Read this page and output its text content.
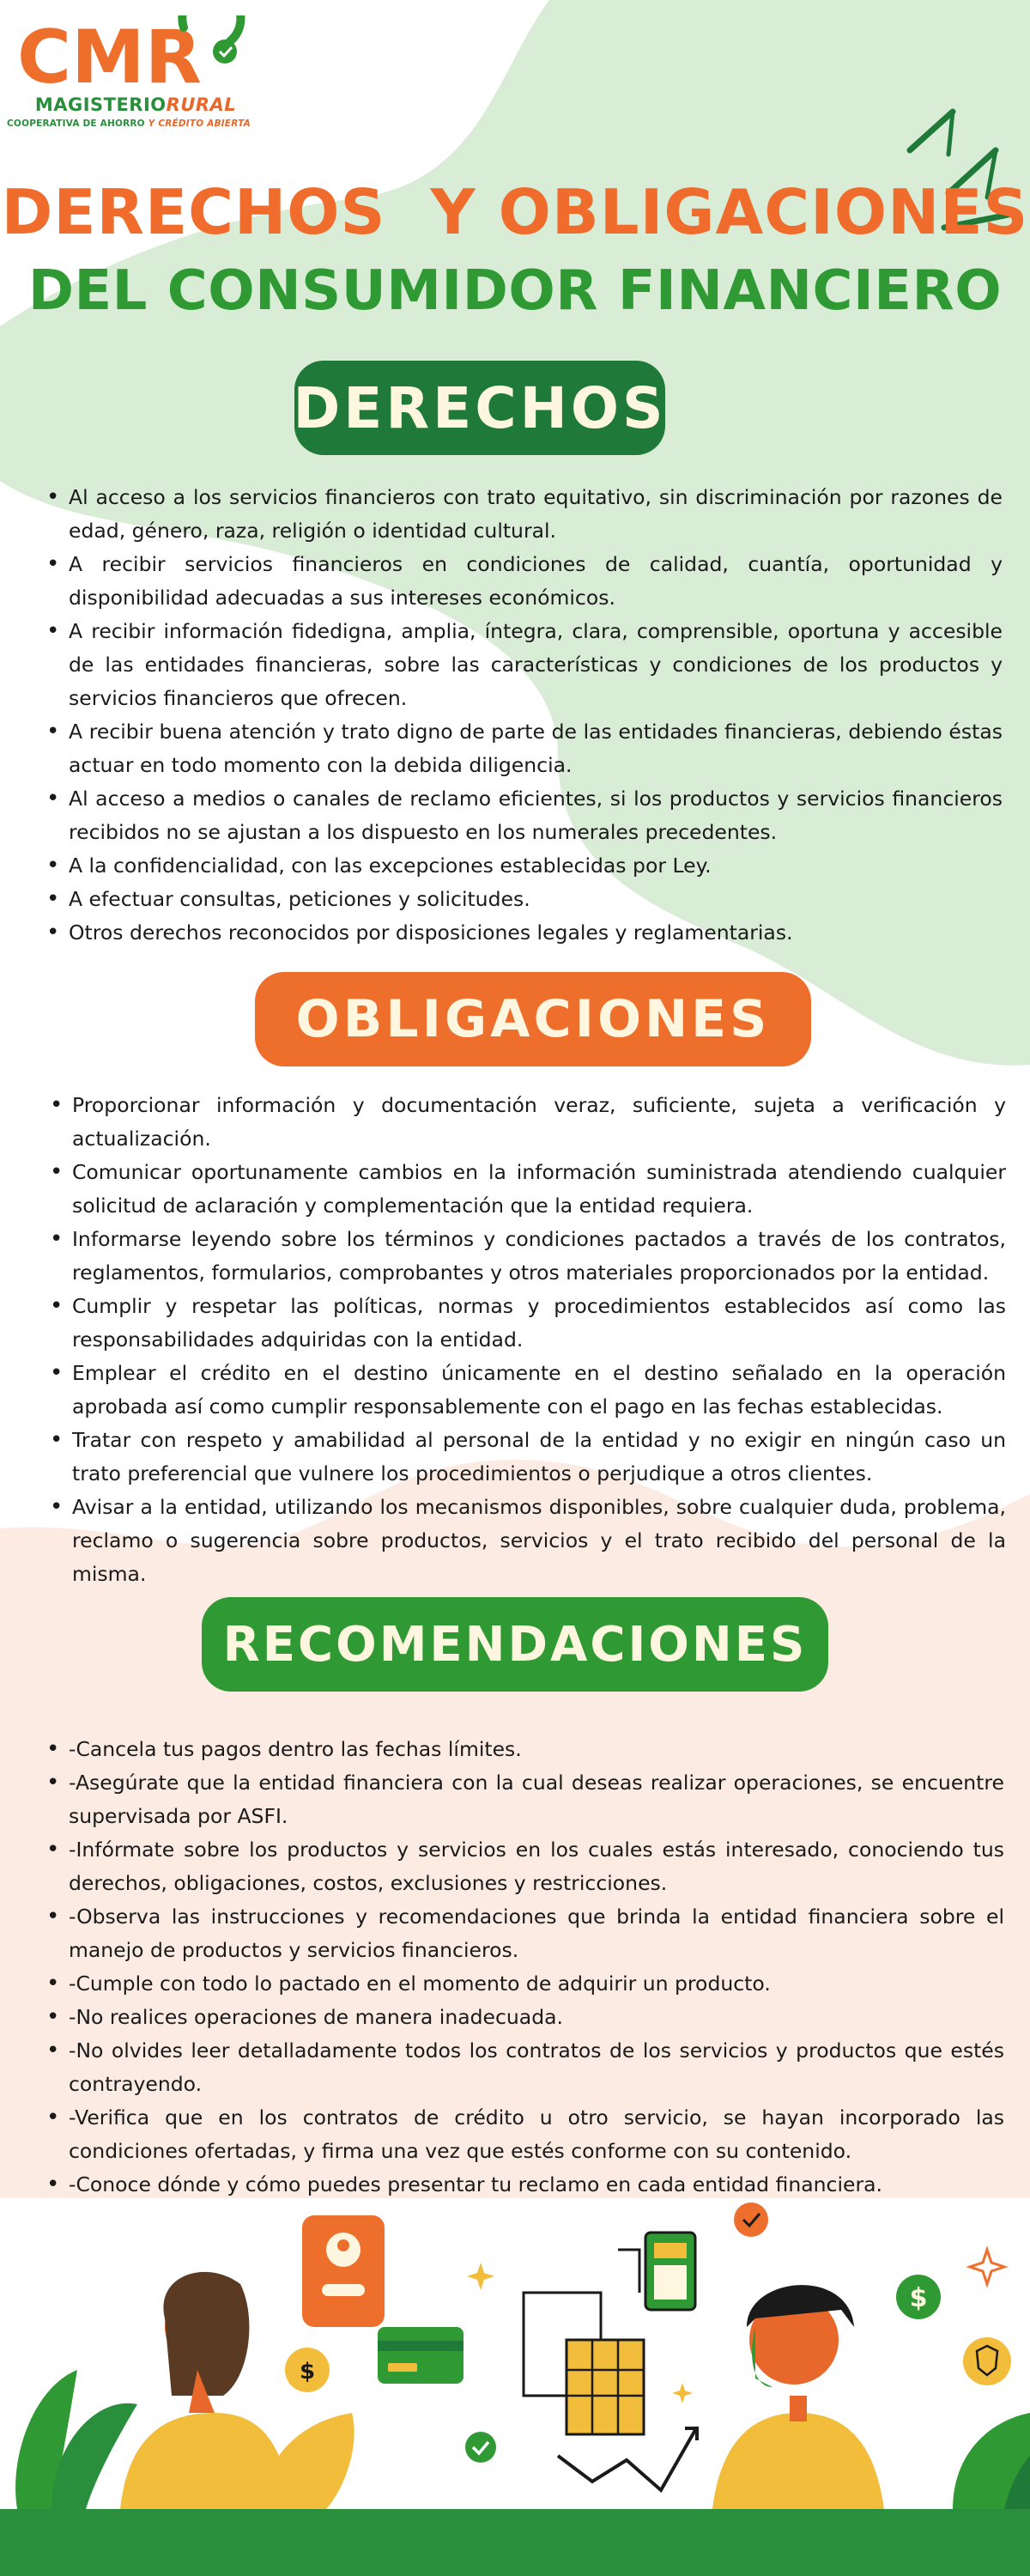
CMR
MAGISTERIORURAL
COOPERATIVA DE AHORRO Y CRÉDITO ABIERTA
DERECHOS  Y OBLIGACIONES
DEL CONSUMIDOR FINANCIERO
DERECHOS
• Al acceso a los servicios financieros con trato equitativo, sin discriminación por razones de edad, género, raza, religión o identidad cultural.
• A recibir servicios financieros en condiciones de calidad, cuantía, oportunidad y disponibilidad adecuadas a sus intereses económicos.
• A recibir información fidedigna, amplia, íntegra, clara, comprensible, oportuna y accesible de las entidades financieras, sobre las características y condiciones de los productos y servicios financieros que ofrecen.
• A recibir buena atención y trato digno de parte de las entidades financieras, debiendo éstas actuar en todo momento con la debida diligencia.
• Al acceso a medios o canales de reclamo eficientes, si los productos y servicios financieros recibidos no se ajustan a los dispuesto en los numerales precedentes.
• A la confidencialidad, con las excepciones establecidas por Ley.
• A efectuar consultas, peticiones y solicitudes.
• Otros derechos reconocidos por disposiciones legales y reglamentarias.
OBLIGACIONES
• Proporcionar información y documentación veraz, suficiente, sujeta a verificación y actualización.
• Comunicar oportunamente cambios en la información suministrada atendiendo cualquier solicitud de aclaración y complementación que la entidad requiera.
• Informarse leyendo sobre los términos y condiciones pactados a través de los contratos, reglamentos, formularios, comprobantes y otros materiales proporcionados por la entidad.
• Cumplir y respetar las políticas, normas y procedimientos establecidos así como las responsabilidades adquiridas con la entidad.
• Emplear el crédito en el destino únicamente en el destino señalado en la operación aprobada así como cumplir responsablemente con el pago en las fechas establecidas.
• Tratar con respeto y amabilidad al personal de la entidad y no exigir en ningún caso un trato preferencial que vulnere los procedimientos o perjudique a otros clientes.
• Avisar a la entidad, utilizando los mecanismos disponibles, sobre cualquier duda, problema, reclamo o sugerencia sobre productos, servicios y el trato recibido del personal de la misma.
RECOMENDACIONES
• -Cancela tus pagos dentro las fechas límites.
• -Asegúrate que la entidad financiera con la cual deseas realizar operaciones, se encuentre supervisada por ASFI.
• -Infórmate sobre los productos y servicios en los cuales estás interesado, conociendo tus derechos, obligaciones, costos, exclusiones y restricciones.
• -Observa las instrucciones y recomendaciones que brinda la entidad financiera sobre el manejo de productos y servicios financieros.
• -Cumple con todo lo pactado en el momento de adquirir un producto.
• -No realices operaciones de manera inadecuada.
• -No olvides leer detalladamente todos los contratos de los servicios y productos que estés contrayendo.
• -Verifica que en los contratos de crédito u otro servicio, se hayan incorporado las condiciones ofertadas, y firma una vez que estés conforme con su contenido.
• -Conoce dónde y cómo puedes presentar tu reclamo en cada entidad financiera.
$
$
